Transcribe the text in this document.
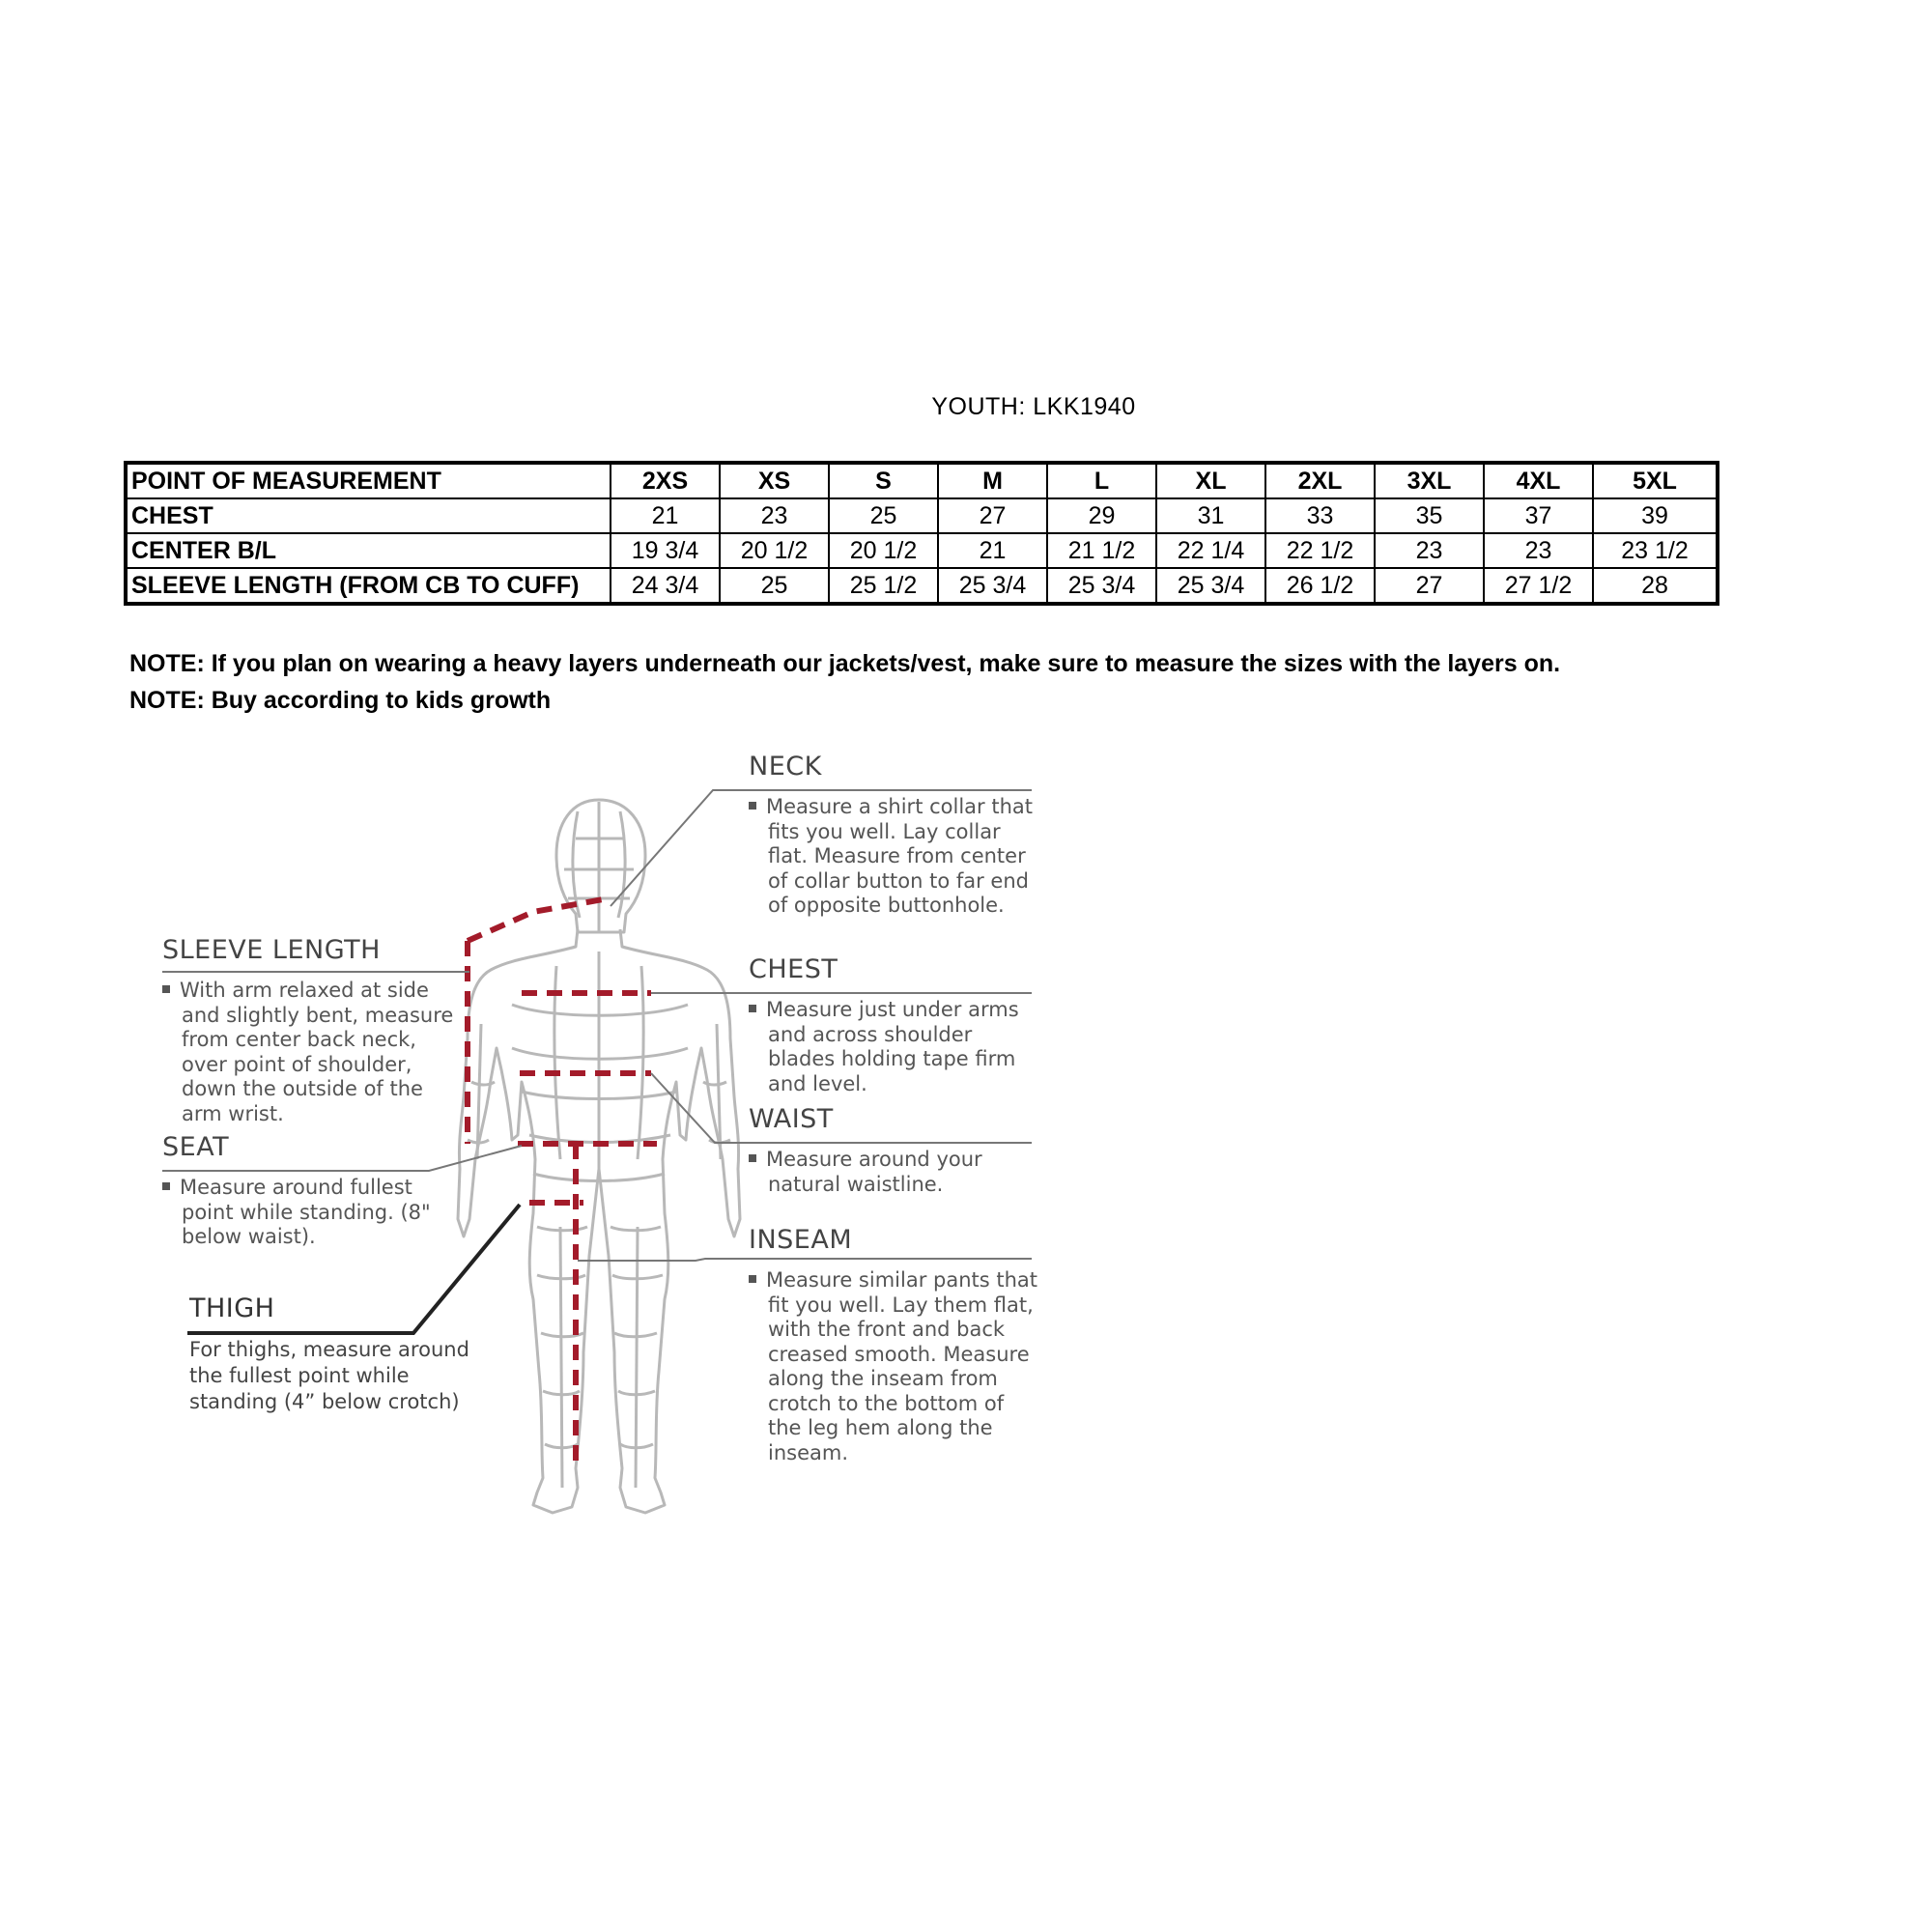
YOUTH: LKK1940
POINT OF MEASUREMENT	2XS	XS	S	M	L	XL	2XL	3XL	4XL	5XL
CHEST	21	23	25	27	29	31	33	35	37	39
CENTER B/L	19 3/4	20 1/2	20 1/2	21	21 1/2	22 1/4	22 1/2	23	23	23 1/2
SLEEVE LENGTH (FROM CB TO CUFF)	24 3/4	25	25 1/2	25 3/4	25 3/4	25 3/4	26 1/2	27	27 1/2	28
NOTE: If you plan on wearing a heavy layers underneath our jackets/vest, make sure to measure the sizes with the layers on.
NOTE: Buy according to kids growth
NECK
Measure a shirt collar that fits you well. Lay collar flat. Measure from center of collar button to far end of opposite buttonhole.
CHEST
Measure just under arms and across shoulder blades holding tape firm and level.
WAIST
Measure around your natural waistline.
INSEAM
Measure similar pants that fit you well. Lay them flat, with the front and back creased smooth. Measure along the inseam from crotch to the bottom of the leg hem along the inseam.
SLEEVE LENGTH
With arm relaxed at side and slightly bent, measure from center back neck, over point of shoulder, down the outside of the arm wrist.
SEAT
Measure around fullest point while standing. (8" below waist).
THIGH
For thighs, measure around the fullest point while standing (4” below crotch)
